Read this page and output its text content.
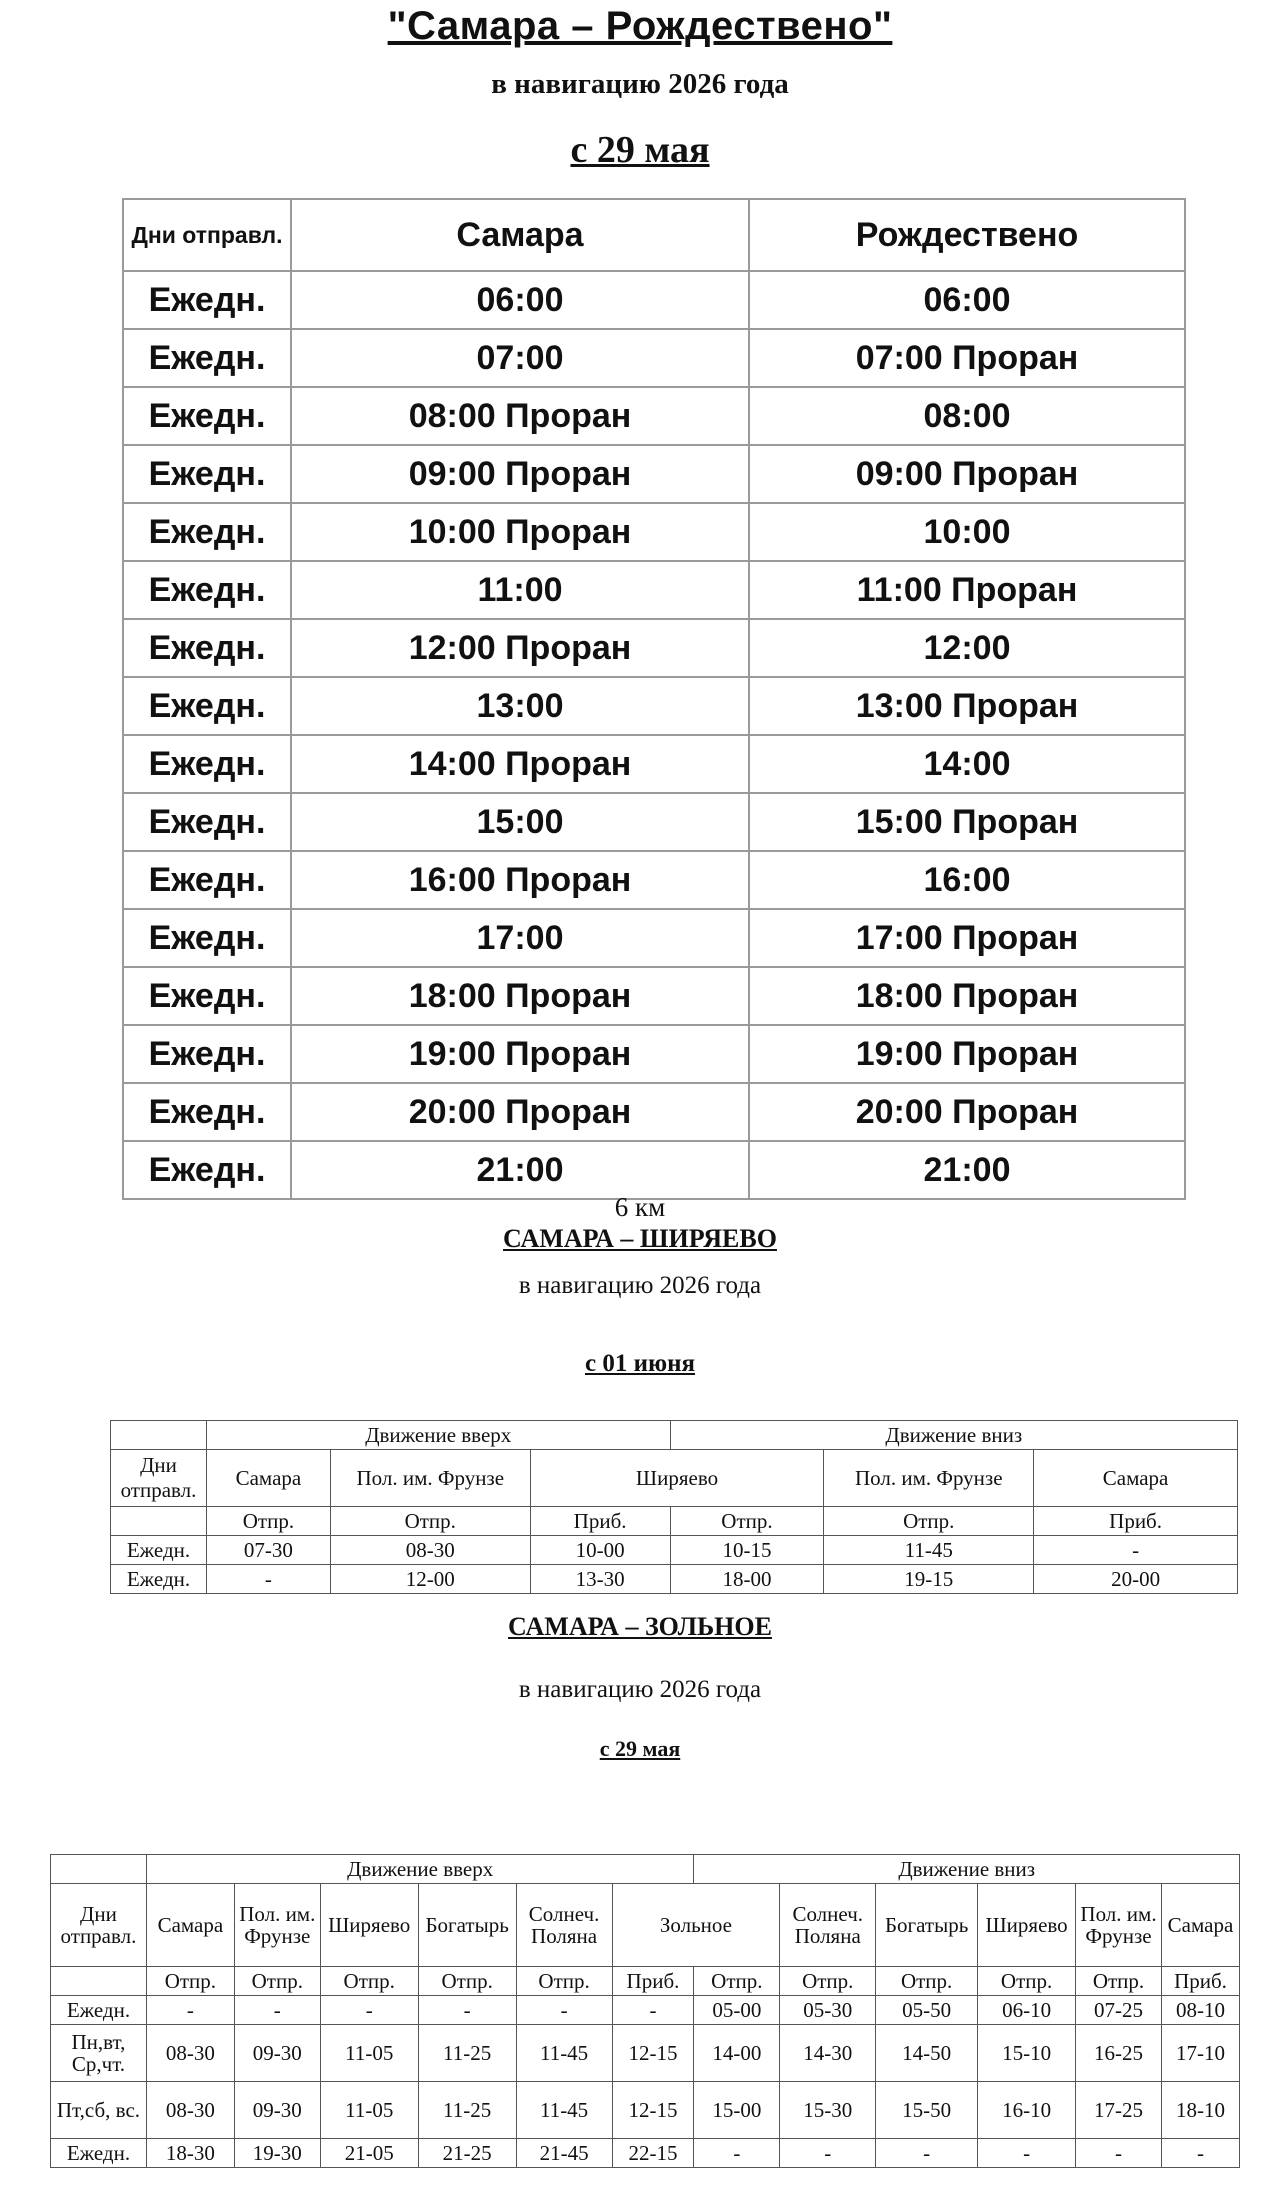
"Самара – Рождествено"
в навигацию 2026 года
с 29 мая
Дни отправл.	Самара	Рождествено
Ежедн.	06:00	06:00
Ежедн.	07:00	07:00 Проран
Ежедн.	08:00 Проран	08:00
Ежедн.	09:00 Проран	09:00 Проран
Ежедн.	10:00 Проран	10:00
Ежедн.	11:00	11:00 Проран
Ежедн.	12:00 Проран	12:00
Ежедн.	13:00	13:00 Проран
Ежедн.	14:00 Проран	14:00
Ежедн.	15:00	15:00 Проран
Ежедн.	16:00 Проран	16:00
Ежедн.	17:00	17:00 Проран
Ежедн.	18:00 Проран	18:00 Проран
Ежедн.	19:00 Проран	19:00 Проран
Ежедн.	20:00 Проран	20:00 Проран
Ежедн.	21:00	21:00
6 км
САМАРА – ШИРЯЕВО
в навигацию 2026 года
с 01 июня
	Движение вверх			Движение вниз		
Дни отправл.	Самара	Пол. им. Фрунзе	Ширяево		Пол. им. Фрунзе	Самара
	Отпр.	Отпр.	Приб.	Отпр.	Отпр.	Приб.
Ежедн.	07-30	08-30	10-00	10-15	11-45	-
Ежедн.	-	12-00	13-30	18-00	19-15	20-00
САМАРА – ЗОЛЬНОЕ
в навигацию 2026 года
с 29 мая
	Движение вверх						Движение вниз					
Дни отправл.	Самара	Пол. им. Фрунзе	Ширяево	Богатырь	Солнеч. Поляна	Зольное		Солнеч. Поляна	Богатырь	Ширяево	Пол. им. Фрунзе	Самара
	Отпр.	Отпр.	Отпр.	Отпр.	Отпр.	Приб.	Отпр.	Отпр.	Отпр.	Отпр.	Отпр.	Приб.
Ежедн.	-	-	-	-	-	-	05-00	05-30	05-50	06-10	07-25	08-10
Пн,вт, Ср,чт.	08-30	09-30	11-05	11-25	11-45	12-15	14-00	14-30	14-50	15-10	16-25	17-10
Пт,сб, вс.	08-30	09-30	11-05	11-25	11-45	12-15	15-00	15-30	15-50	16-10	17-25	18-10
Ежедн.	18-30	19-30	21-05	21-25	21-45	22-15	-	-	-	-	-	-
